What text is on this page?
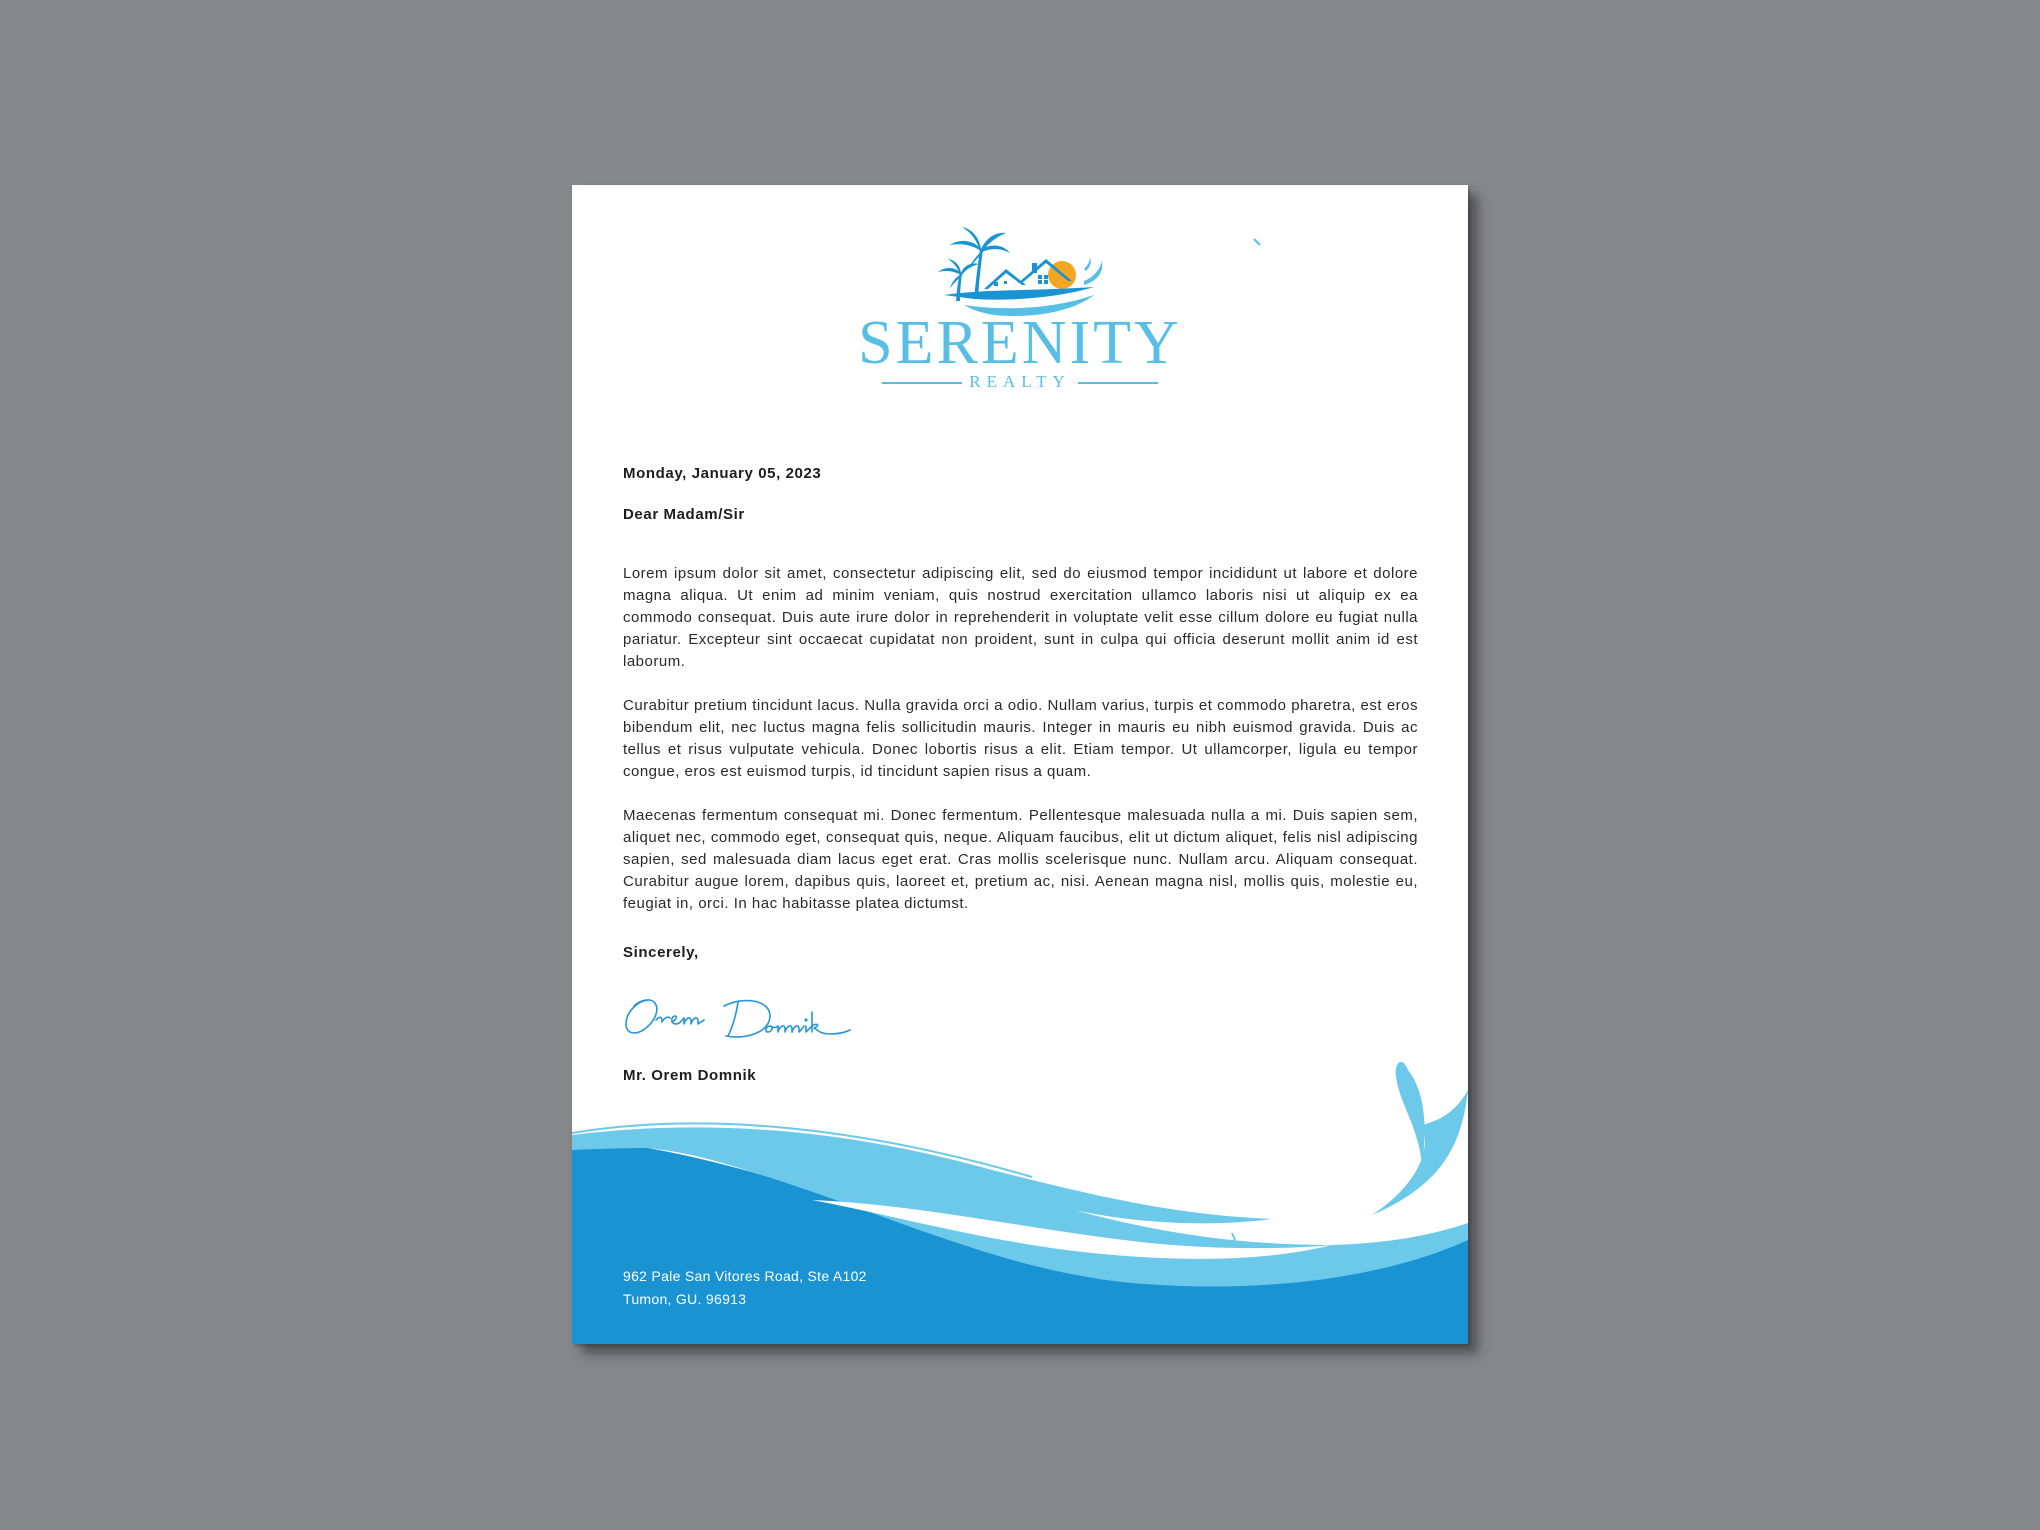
SERENITY
REALTY
Monday, January 05, 2023
Dear Madam/Sir
Lorem ipsum dolor sit amet, consectetur adipiscing elit, sed do eiusmod tempor incididunt ut labore et dolore magna aliqua. Ut enim ad minim veniam, quis nostrud exercitation ullamco laboris nisi ut aliquip ex ea commodo consequat. Duis aute irure dolor in reprehenderit in voluptate velit esse cillum dolore eu fugiat nulla pariatur. Excepteur sint occaecat cupidatat non proident, sunt in culpa qui officia deserunt mollit anim id est laborum.
Curabitur pretium tincidunt lacus. Nulla gravida orci a odio. Nullam varius, turpis et commodo pharetra, est eros bibendum elit, nec luctus magna felis sollicitudin mauris. Integer in mauris eu nibh euismod gravida. Duis ac tellus et risus vulputate vehicula. Donec lobortis risus a elit. Etiam tempor. Ut ullamcorper, ligula eu tempor congue, eros est euismod turpis, id tincidunt sapien risus a quam.
Maecenas fermentum consequat mi. Donec fermentum. Pellentesque malesuada nulla a mi. Duis sapien sem, aliquet nec, commodo eget, consequat quis, neque. Aliquam faucibus, elit ut dictum aliquet, felis nisl adipiscing sapien, sed malesuada diam lacus eget erat. Cras mollis scelerisque nunc. Nullam arcu. Aliquam consequat. Curabitur augue lorem, dapibus quis, laoreet et, pretium ac, nisi. Aenean magna nisl, mollis quis, molestie eu, feugiat in, orci. In hac habitasse platea dictumst.
Sincerely,
Mr. Orem Domnik
962 Pale San Vitores Road, Ste A102
Tumon, GU. 96913
